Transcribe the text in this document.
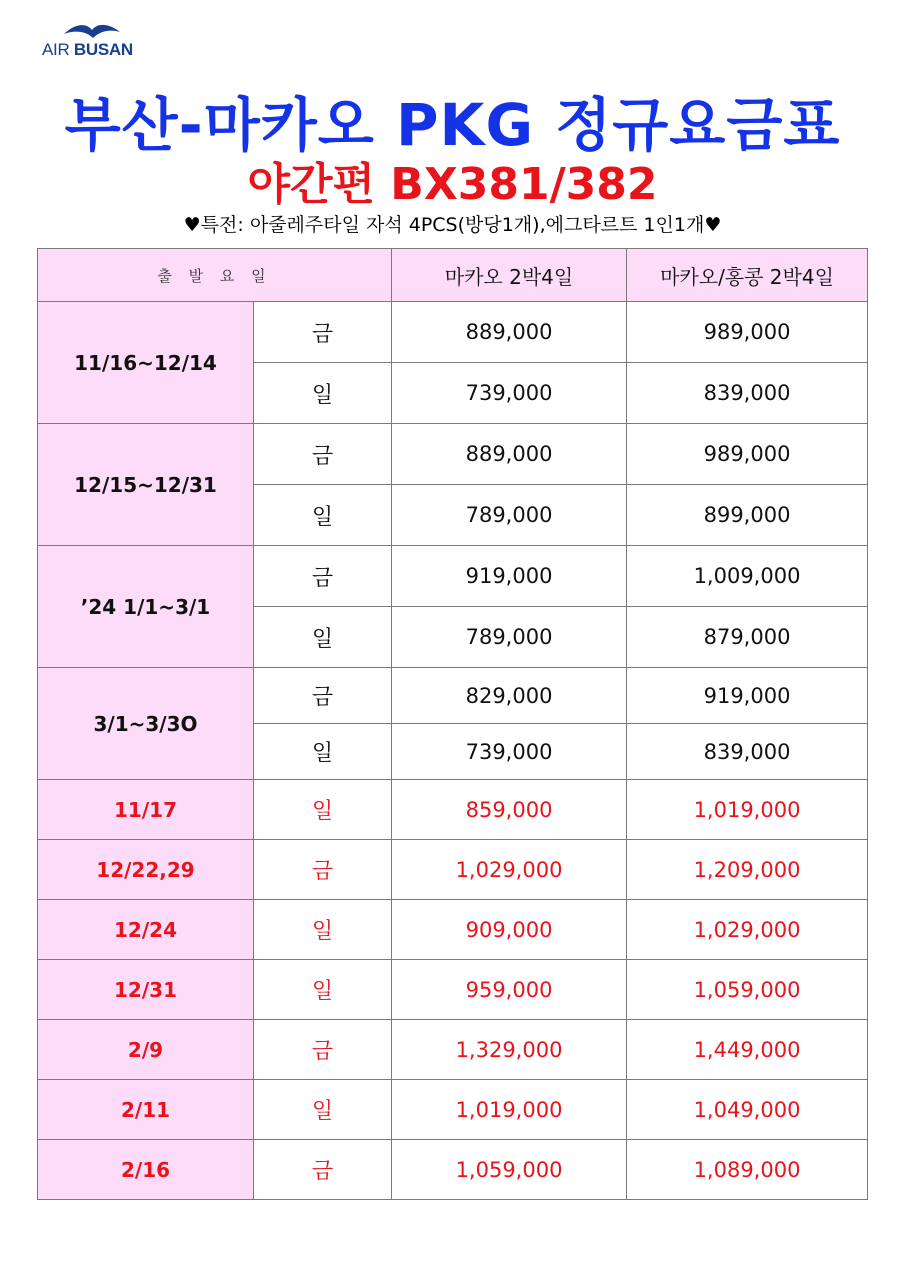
AIR BUSAN
부산-마카오 PKG 정규요금표
야간편 BX381/382
♥특전: 아줄레주타일 자석 4PCS(방당1개),에그타르트 1인1개♥
출 발 요 일		마카오 2박4일	마카오/홍콩 2박4일
11/16~12/14	금	889,000	989,000
	일	739,000	839,000
12/15~12/31	금	889,000	989,000
	일	789,000	899,000
’24 1/1~3/1	금	919,000	1,009,000
	일	789,000	879,000
3/1~3/3O	금	829,000	919,000
	일	739,000	839,000
11/17	일	859,000	1,019,000
12/22,29	금	1,029,000	1,209,000
12/24	일	909,000	1,029,000
12/31	일	959,000	1,059,000
2/9	금	1,329,000	1,449,000
2/11	일	1,019,000	1,049,000
2/16	금	1,059,000	1,089,000
